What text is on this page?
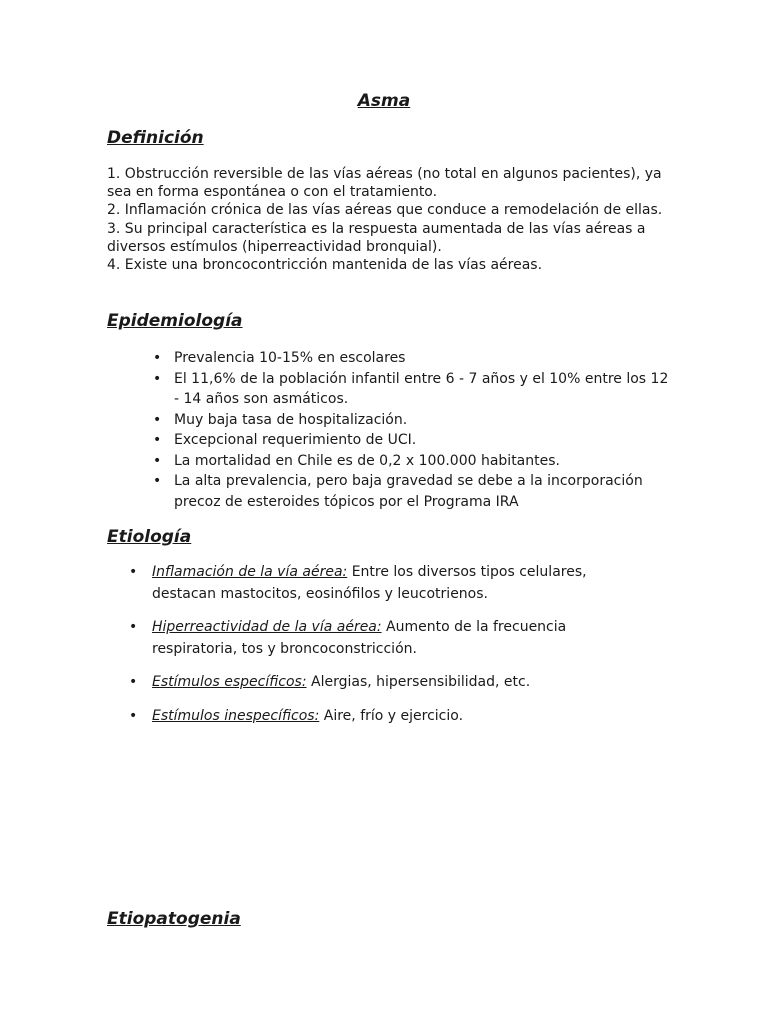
Asma
Definición

1. Obstrucción reversible de las vías aéreas (no total en algunos pacientes), ya sea en forma espontánea o con el tratamiento.

2. Inflamación crónica de las vías aéreas que conduce a remodelación de ellas.

3. Su principal característica es la respuesta aumentada de las vías aéreas a diversos estímulos (hiperreactividad bronquial).

4. Existe una broncocontricción mantenida de las vías aéreas.

Epidemiología
• Prevalencia 10-15% en escolares
• El 11,6% de la población infantil entre 6 - 7 años y el 10% entre los 12 - 14 años son asmáticos.
• Muy baja tasa de hospitalización.
• Excepcional requerimiento de UCI.
• La mortalidad en Chile es de 0,2 x 100.000 habitantes.
• La alta prevalencia, pero baja gravedad se debe a la incorporación precoz de esteroides tópicos por el Programa IRA
Etiología
• Inflamación de la vía aérea: Entre los diversos tipos celulares, destacan mastocitos, eosinófilos y leucotrienos.
• Hiperreactividad de la vía aérea: Aumento de la frecuencia respiratoria, tos y broncoconstricción.
• Estímulos específicos: Alergias, hipersensibilidad, etc.
• Estímulos inespecíficos: Aire, frío y ejercicio.
Etiopatogenia
